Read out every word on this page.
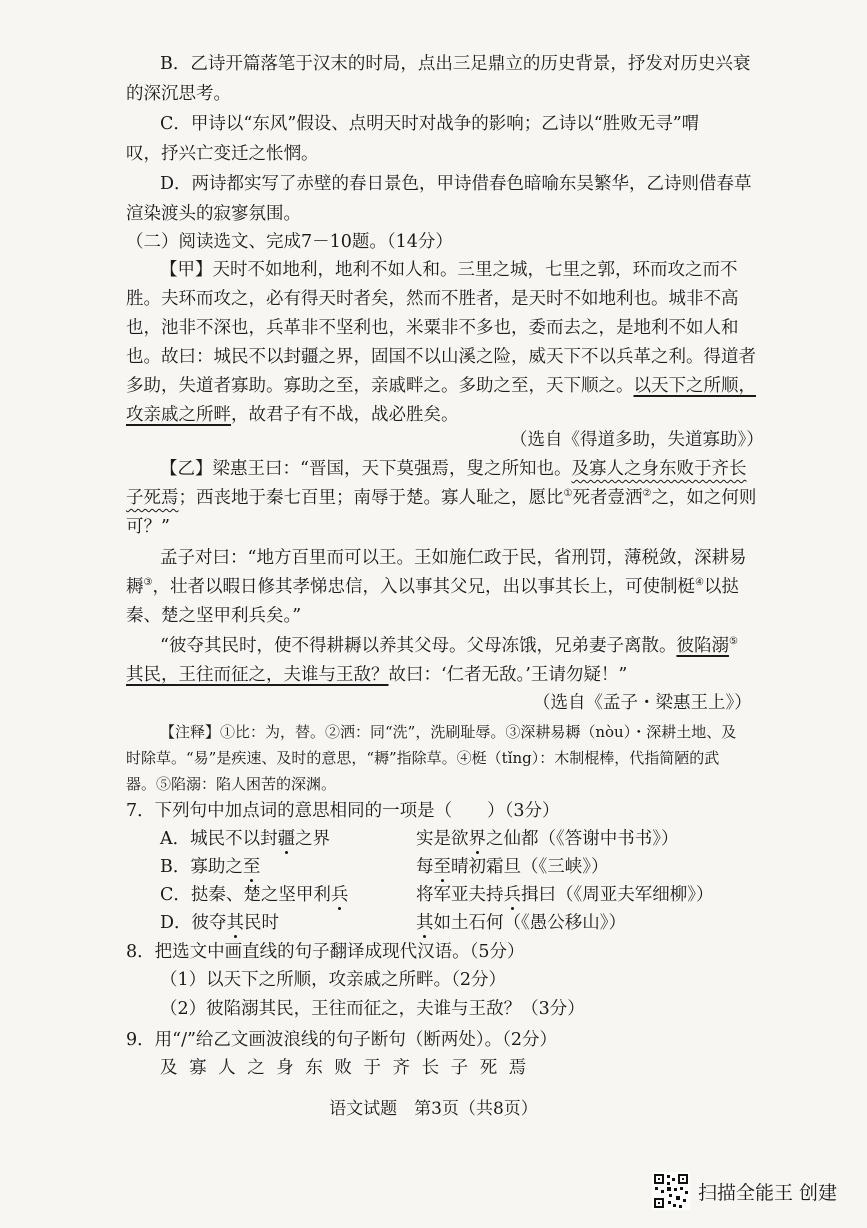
B．乙诗开篇落笔于汉末的时局，点出三足鼎立的历史背景，抒发对历史兴衰
的深沉思考。
C．甲诗以“东风”假设、点明天时对战争的影响；乙诗以“胜败无寻”喟
叹，抒兴亡变迁之怅惘。
D．两诗都实写了赤壁的春日景色，甲诗借春色暗喻东吴繁华，乙诗则借春草
渲染渡头的寂寥氛围。
（二）阅读选文、完成7－10题。（14分）
【甲】天时不如地利，地利不如人和。三里之城，七里之郭，环而攻之而不
胜。夫环而攻之，必有得天时者矣，然而不胜者，是天时不如地利也。城非不高
也，池非不深也，兵革非不坚利也，米粟非不多也，委而去之，是地利不如人和
也。故曰：城民不以封疆之界，固国不以山溪之险，威天下不以兵革之利。得道者
多助，失道者寡助。寡助之至，亲戚畔之。多助之至，天下顺之。以天下之所顺，
攻亲戚之所畔，故君子有不战，战必胜矣。
（选自《得道多助，失道寡助》）
【乙】梁惠王曰：“晋国，天下莫强焉，叟之所知也。及寡人之身东败于齐长
子死焉；西丧地于秦七百里；南辱于楚。寡人耻之，愿比①死者壹洒②之，如之何则
可？”
孟子对曰：“地方百里而可以王。王如施仁政于民，省刑罚，薄税敛，深耕易
耨③，壮者以暇日修其孝悌忠信，入以事其父兄，出以事其长上，可使制梃④以挞
秦、楚之坚甲利兵矣。”
“彼夺其民时，使不得耕耨以养其父母。父母冻饿，兄弟妻子离散。彼陷溺⑤
其民，王往而征之，夫谁与王敌？故曰：‘仁者无敌。’王请勿疑！”
（选自《孟子・梁惠王上》）
【注释】①比：为，替。②洒：同“洗”，洗刷耻辱。③深耕易耨（nòu）・深耕土地、及
时除草。“易”是疾速、及时的意思，“耨”指除草。④梃（tǐng）：木制棍棒，代指简陋的武
器。⑤陷溺：陷人困苦的深渊。
7．下列句中加点词的意思相同的一项是（　　）（3分）
A．城民不以封疆之界	实是欲界之仙都（《答谢中书书》）
B．寡助之至	每至晴初霜旦（《三峡》）
C．挞秦、楚之坚甲利兵	将军亚夫持兵揖曰（《周亚夫军细柳》）
D．彼夺其民时	其如土石何（《愚公移山》）
8．把选文中画直线的句子翻译成现代汉语。（5分）
（1）以天下之所顺，攻亲戚之所畔。（2分）
（2）彼陷溺其民，王往而征之，夫谁与王敌？（3分）
9．用“/”给乙文画波浪线的句子断句（断两处）。（2分）
及 寡 人 之 身 东 败 于 齐 长 子 死 焉
语文试题　第3页（共8页）
扫描全能王 创建
